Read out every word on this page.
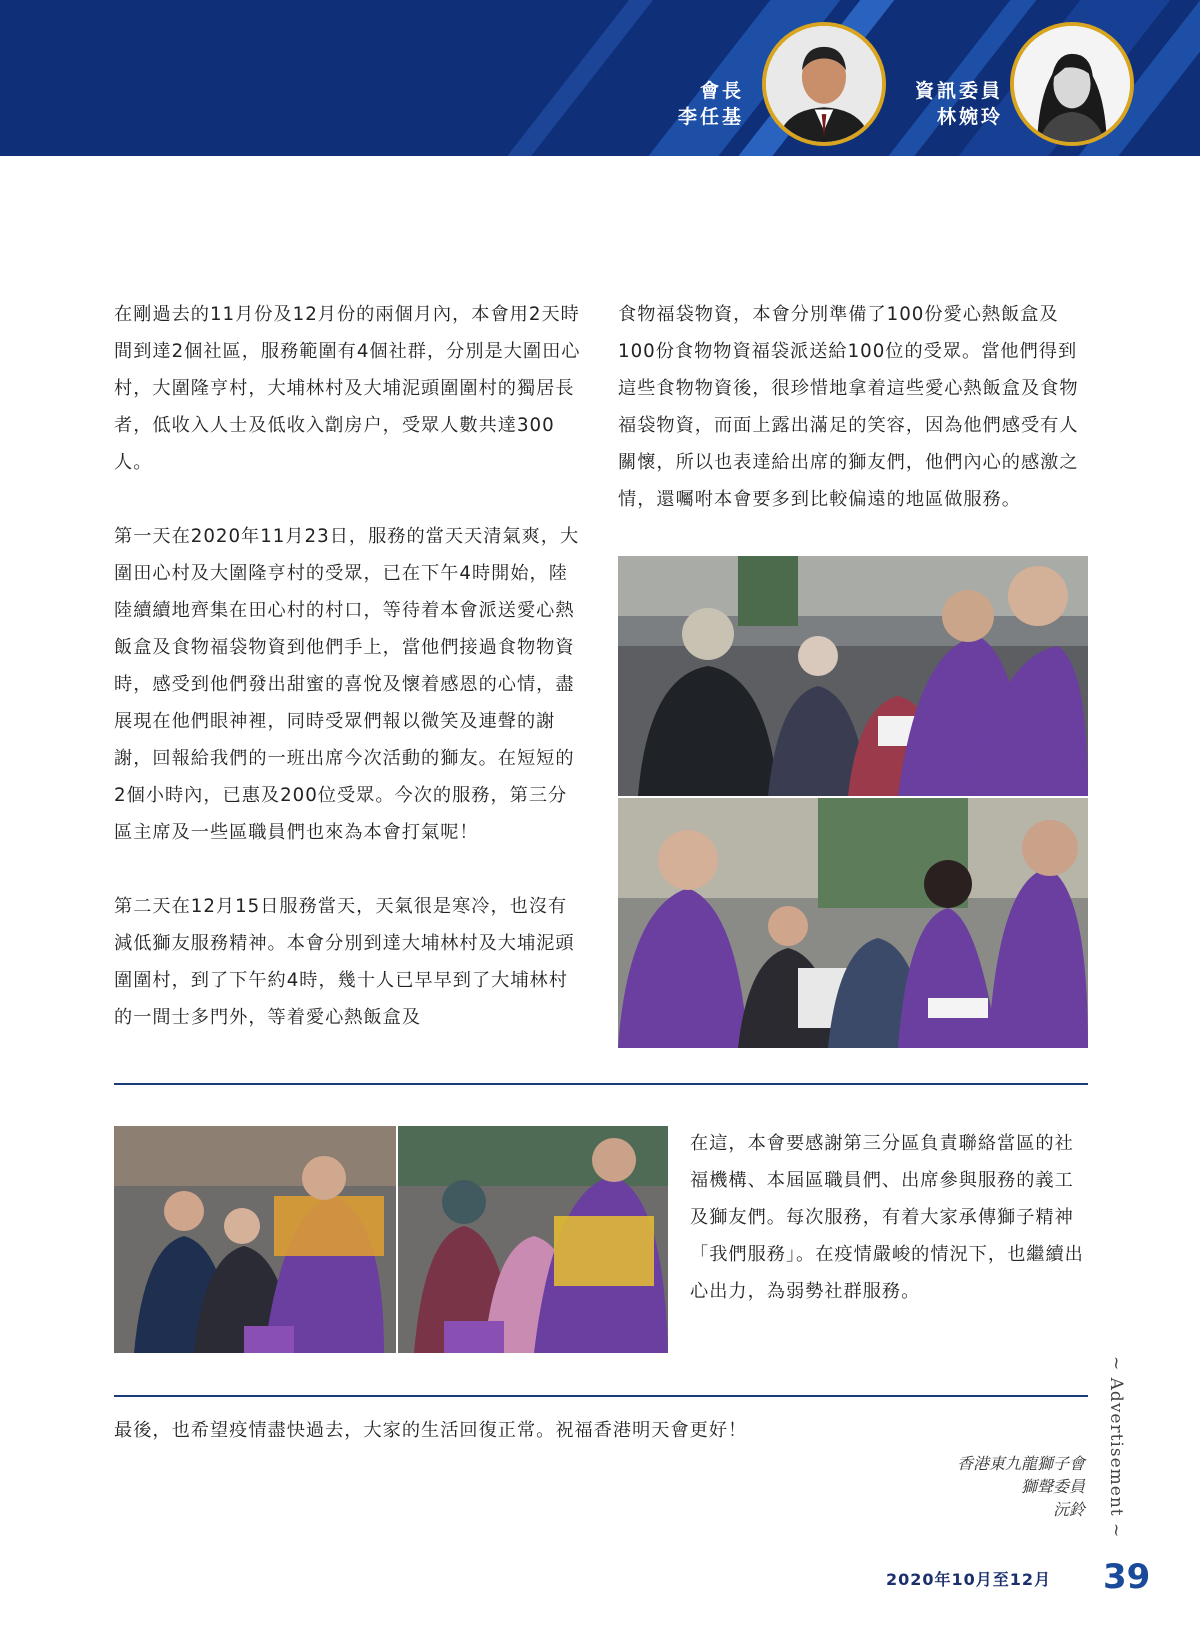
會長
李任基
資訊委員
林婉玲

在剛過去的11月份及12月份的兩個月內，本會用2天時間到達2個社區，服務範圍有4個社群，分別是大圍田心村，大圍隆亨村，大埔林村及大埔泥頭圍圍村的獨居長者，低收入人士及低收入劏房户，受眾人數共達300人。

第一天在2020年11月23日，服務的當天天清氣爽，大圍田心村及大圍隆亨村的受眾，已在下午4時開始，陸陸續續地齊集在田心村的村口，等待着本會派送愛心熱飯盒及食物福袋物資到他們手上，當他們接過食物物資時，感受到他們發出甜蜜的喜悅及懷着感恩的心情，盡展現在他們眼神裡，同時受眾們報以微笑及連聲的謝謝，回報給我們的一班出席今次活動的獅友。在短短的2個小時內，已惠及200位受眾。今次的服務，第三分區主席及一些區職員們也來為本會打氣呢！

第二天在12月15日服務當天，天氣很是寒冷，也沒有減低獅友服務精神。本會分別到達大埔林村及大埔泥頭圍圍村，到了下午約4時，幾十人已早早到了大埔林村的一間士多門外，等着愛心熱飯盒及

食物福袋物資，本會分別準備了100份愛心熱飯盒及100份食物物資福袋派送給100位的受眾。當他們得到這些食物物資後，很珍惜地拿着這些愛心熱飯盒及食物福袋物資，而面上露出滿足的笑容，因為他們感受有人關懷，所以也表達給出席的獅友們，他們內心的感激之情，還囑咐本會要多到比較偏遠的地區做服務。

在這，本會要感謝第三分區負責聯絡當區的社福機構、本屆區職員們、出席參與服務的義工及獅友們。每次服務，有着大家承傳獅子精神「我們服務」。在疫情嚴峻的情況下，也繼續出心出力，為弱勢社群服務。

最後，也希望疫情盡快過去，大家的生活回復正常。祝福香港明天會更好！

香港東九龍獅子會
獅聲委員
沅鈴 ~ Advertisement ~
2020年10月至12月 39
